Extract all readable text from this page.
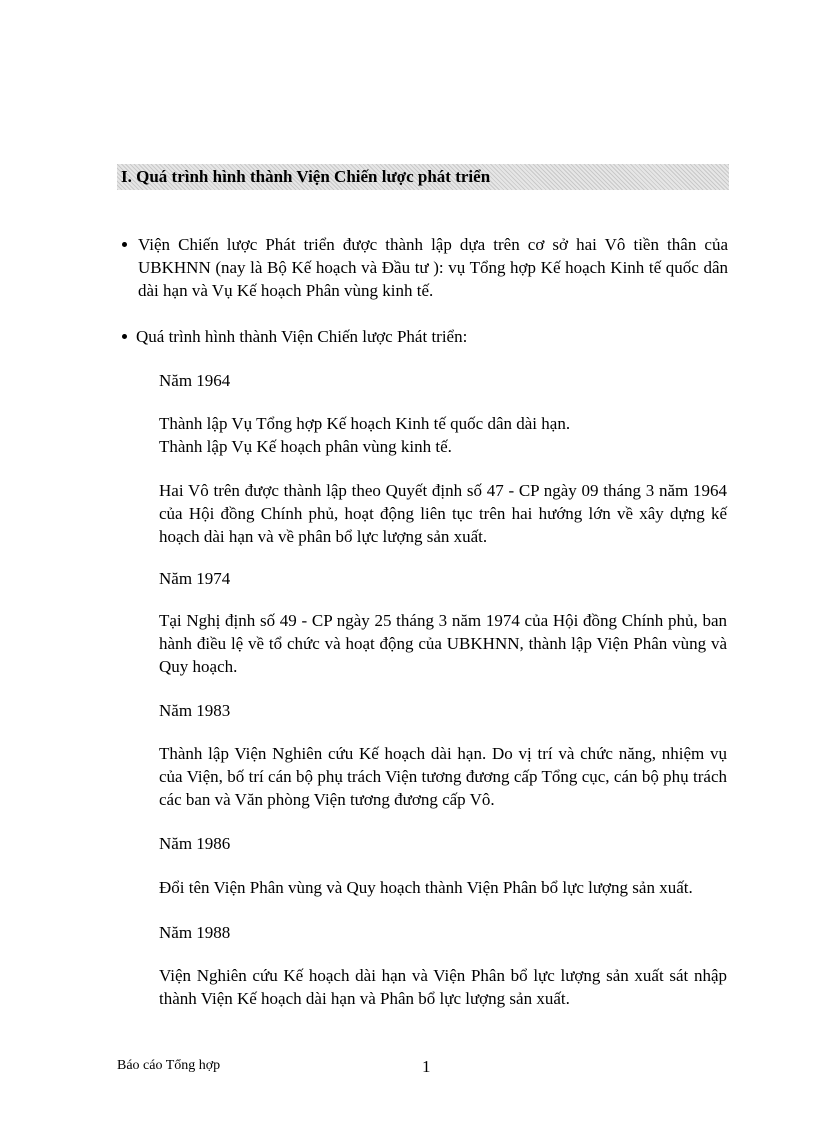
I. Quá trình hình thành Viện Chiến lược phát triển
Viện Chiến lược Phát triển được thành lập dựa trên cơ sở hai Vô tiền thân của UBKHNN (nay là Bộ Kế hoạch và Đầu tư ): vụ Tổng hợp Kế hoạch Kinh tế quốc dân dài hạn và Vụ Kế hoạch Phân vùng kinh tế.
Quá trình hình thành Viện Chiến lược Phát triển:
Năm 1964
Thành lập Vụ Tổng hợp Kế hoạch Kinh tế quốc dân dài hạn.
Thành lập Vụ Kế hoạch phân vùng kinh tế.
Hai Vô trên được thành lập theo Quyết định số 47 - CP ngày 09 tháng 3 năm 1964 của Hội đồng Chính phủ, hoạt động liên tục trên hai hướng lớn về xây dựng kế hoạch dài hạn và về phân bổ lực lượng sản xuất.
Năm 1974
Tại Nghị định số 49 - CP ngày 25 tháng 3 năm 1974 của Hội đồng Chính phủ, ban hành điều lệ về tổ chức và hoạt động của UBKHNN, thành lập Viện Phân vùng và Quy hoạch.
Năm 1983
Thành lập Viện Nghiên cứu Kế hoạch dài hạn. Do vị trí và chức năng, nhiệm vụ của Viện, bố trí cán bộ phụ trách Viện tương đương cấp Tổng cục, cán bộ phụ trách các ban và Văn phòng Viện tương đương cấp Vô.
Năm 1986
Đổi tên Viện Phân vùng và Quy hoạch thành Viện Phân bổ lực lượng sản xuất.
Năm 1988
Viện Nghiên cứu Kế hoạch dài hạn và Viện Phân bổ lực lượng sản xuất sát nhập thành Viện Kế hoạch dài hạn và Phân bổ lực lượng sản xuất.
Báo cáo Tổng hợp	1
